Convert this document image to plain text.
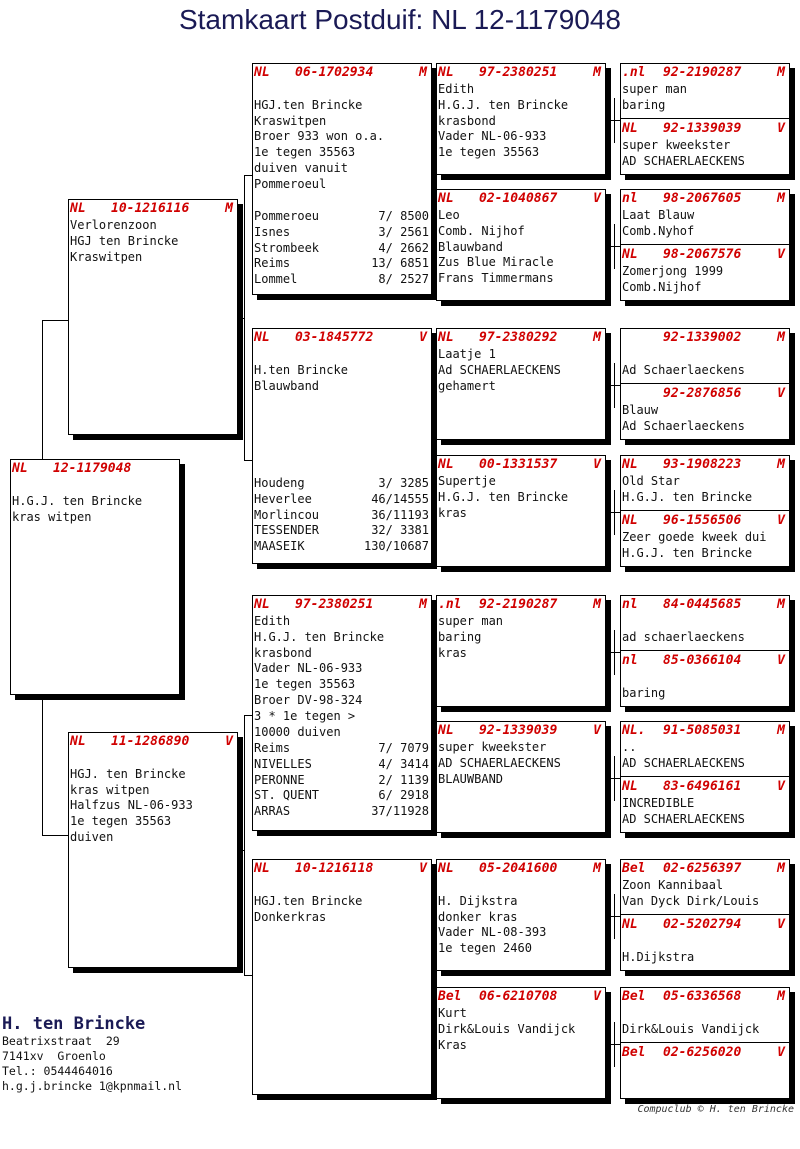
Stamkaart Postduif: NL 12-1179048
NL 12-1179048

H.G.J. ten Brincke
kras witpen
NL 10-1216116	M
Verlorenzoon
HGJ ten Brincke
Kraswitpen
NL 11-1286890	V

HGJ. ten Brincke
kras witpen
Halfzus NL-06-933
1e tegen 35563
duiven
NL 06-1702934	M

HGJ.ten Brincke
Kraswitpen
Broer 933 won o.a.
1e tegen 35563
duiven vanuit
Pommeroeul
Pommeroeu	7/ 8500
Isnes	3/ 2561
Strombeek	4/ 2662
Reims	13/ 6851
Lommel	8/ 2527
NL 03-1845772	V

H.ten Brincke
Blauwband
Houdeng	3/ 3285
Heverlee	46/14555
Morlincou	36/11193
TESSENDER	32/ 3381
MAASEIK	130/10687
NL 97-2380251	M
Edith
H.G.J. ten Brincke
krasbond
Vader NL-06-933
1e tegen 35563
Broer DV-98-324
3 * 1e tegen >
10000 duiven
Reims	7/ 7079
NIVELLES	4/ 3414
PERONNE	2/ 1139
ST. QUENT	6/ 2918
ARRAS	37/11928
NL 10-1216118	V

HGJ.ten Brincke
Donkerkras
NL 97-2380251	M
Edith
H.G.J. ten Brincke
krasbond
Vader NL-06-933
1e tegen 35563
NL 02-1040867	V
Leo
Comb. Nijhof
Blauwband
Zus Blue Miracle
Frans Timmermans
NL 97-2380292	M
Laatje 1
Ad SCHAERLAECKENS
gehamert
NL 00-1331537	V
Supertje
H.G.J. ten Brincke
kras
.nl 92-2190287	M
super man
baring
kras
NL 92-1339039	V
super kweekster
AD SCHAERLAECKENS
BLAUWBAND
NL 05-2041600	M

H. Dijkstra
donker kras
Vader NL-08-393
1e tegen 2460
Bel 06-6210708	V
Kurt
Dirk&Louis Vandijck
Kras
.nl 92-2190287	M
super man
baring
NL 92-1339039	V
super kweekster
AD SCHAERLAECKENS
nl 98-2067605	M
Laat Blauw
Comb.Nyhof
NL 98-2067576	V
Zomerjong 1999
Comb.Nijhof
92-1339002	M

Ad Schaerlaeckens
92-2876856	V
Blauw
Ad Schaerlaeckens
NL 93-1908223	M
Old Star
H.G.J. ten Brincke
NL 96-1556506	V
Zeer goede kweek dui
H.G.J. ten Brincke
nl 84-0445685	M

ad schaerlaeckens
nl 85-0366104	V

baring
NL. 91-5085031	M
..
AD SCHAERLAECKENS
NL 83-6496161	V
INCREDIBLE
AD SCHAERLAECKENS
Bel 02-6256397	M
Zoon Kannibaal
Van Dyck Dirk/Louis
NL 02-5202794	V

H.Dijkstra
Bel 05-6336568	M

Dirk&Louis Vandijck
Bel 02-6256020	V
H. ten Brincke
Beatrixstraat  29
7141xv  Groenlo
Tel.: 0544464016
h.g.j.brincke 1@kpnmail.nl
Compuclub © H. ten Brincke
